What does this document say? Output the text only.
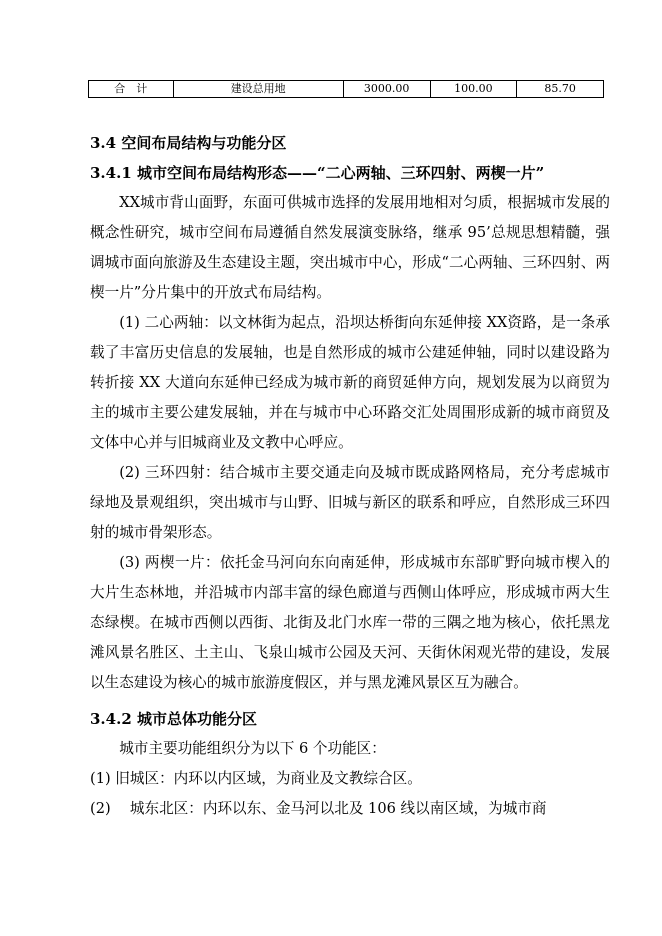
合　计	建设总用地	3000.00	100.00	85.70

3.4 空间布局结构与功能分区

3.4.1 城市空间布局结构形态——“二心两轴、三环四射、两楔一片”

XX城市背山面野，东面可供城市选择的发展用地相对匀质，根据城市发展的概念性研究，城市空间布局遵循自然发展演变脉络，继承 95’总规思想精髓，强调城市面向旅游及生态建设主题，突出城市中心，形成“二心两轴、三环四射、两楔一片”分片集中的开放式布局结构。

(1) 二心两轴：以文林街为起点，沿坝达桥街向东延伸接 XX资路，是一条承载了丰富历史信息的发展轴，也是自然形成的城市公建延伸轴，同时以建设路为转折接 XX 大道向东延伸已经成为城市新的商贸延伸方向，规划发展为以商贸为主的城市主要公建发展轴，并在与城市中心环路交汇处周围形成新的城市商贸及文体中心并与旧城商业及文教中心呼应。

(2) 三环四射：结合城市主要交通走向及城市既成路网格局，充分考虑城市绿地及景观组织，突出城市与山野、旧城与新区的联系和呼应，自然形成三环四射的城市骨架形态。

(3) 两楔一片：依托金马河向东向南延伸，形成城市东部旷野向城市楔入的大片生态林地，并沿城市内部丰富的绿色廊道与西侧山体呼应，形成城市两大生态绿楔。在城市西侧以西街、北街及北门水库一带的三隅之地为核心，依托黑龙滩风景名胜区、土主山、飞泉山城市公园及天河、天街休闲观光带的建设，发展以生态建设为核心的城市旅游度假区，并与黑龙滩风景区互为融合。

3.4.2 城市总体功能分区

城市主要功能组织分为以下 6 个功能区：

(1) 旧城区：内环以内区域，为商业及文教综合区。

(2)　 城东北区：内环以东、金马河以北及 106 线以南区域，为城市商
